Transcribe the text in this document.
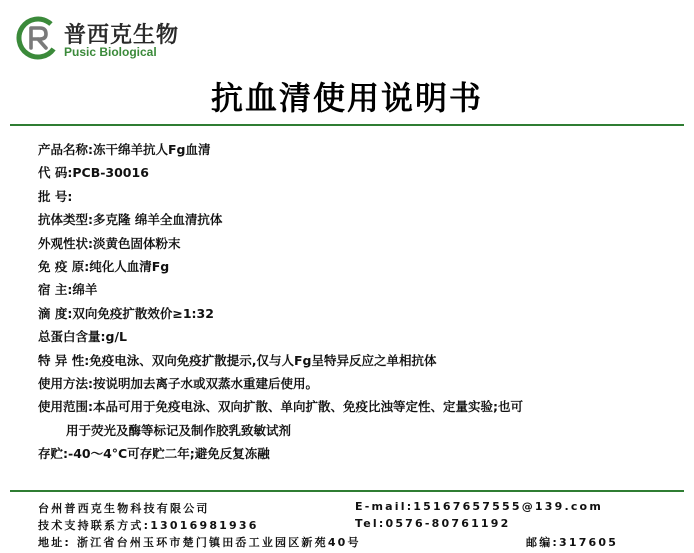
普西克生物
Pusic Biological
抗血清使用说明书
产品名称: 冻干绵羊抗人Fg血清
代 码: PCB-30016
批 号:
抗体类型: 多克隆 绵羊全血清抗体
外观性状: 淡黄色固体粉末
免 疫 原: 纯化人血清Fg
宿 主: 绵羊
滴 度: 双向免疫扩散效价≥1:32
总蛋白含量: g/L
特 异 性: 免疫电泳、双向免疫扩散提示,仅与人Fg呈特异反应之单相抗体
使用方法: 按说明加去离子水或双蒸水重建后使用。
使用范围: 本品可用于免疫电泳、双向扩散、单向扩散、免疫比浊等定性、定量实验;也可
用于荧光及酶等标记及制作胶乳致敏试剂
存贮: -40～4°C可存贮二年;避免反复冻融
台州普西克生物科技有限公司	E-mail:15167657555@139.com
技术支持联系方式:13016981936	Tel:0576-80761192
地址: 浙江省台州玉环市楚门镇田岙工业园区新苑40号	邮编:317605
